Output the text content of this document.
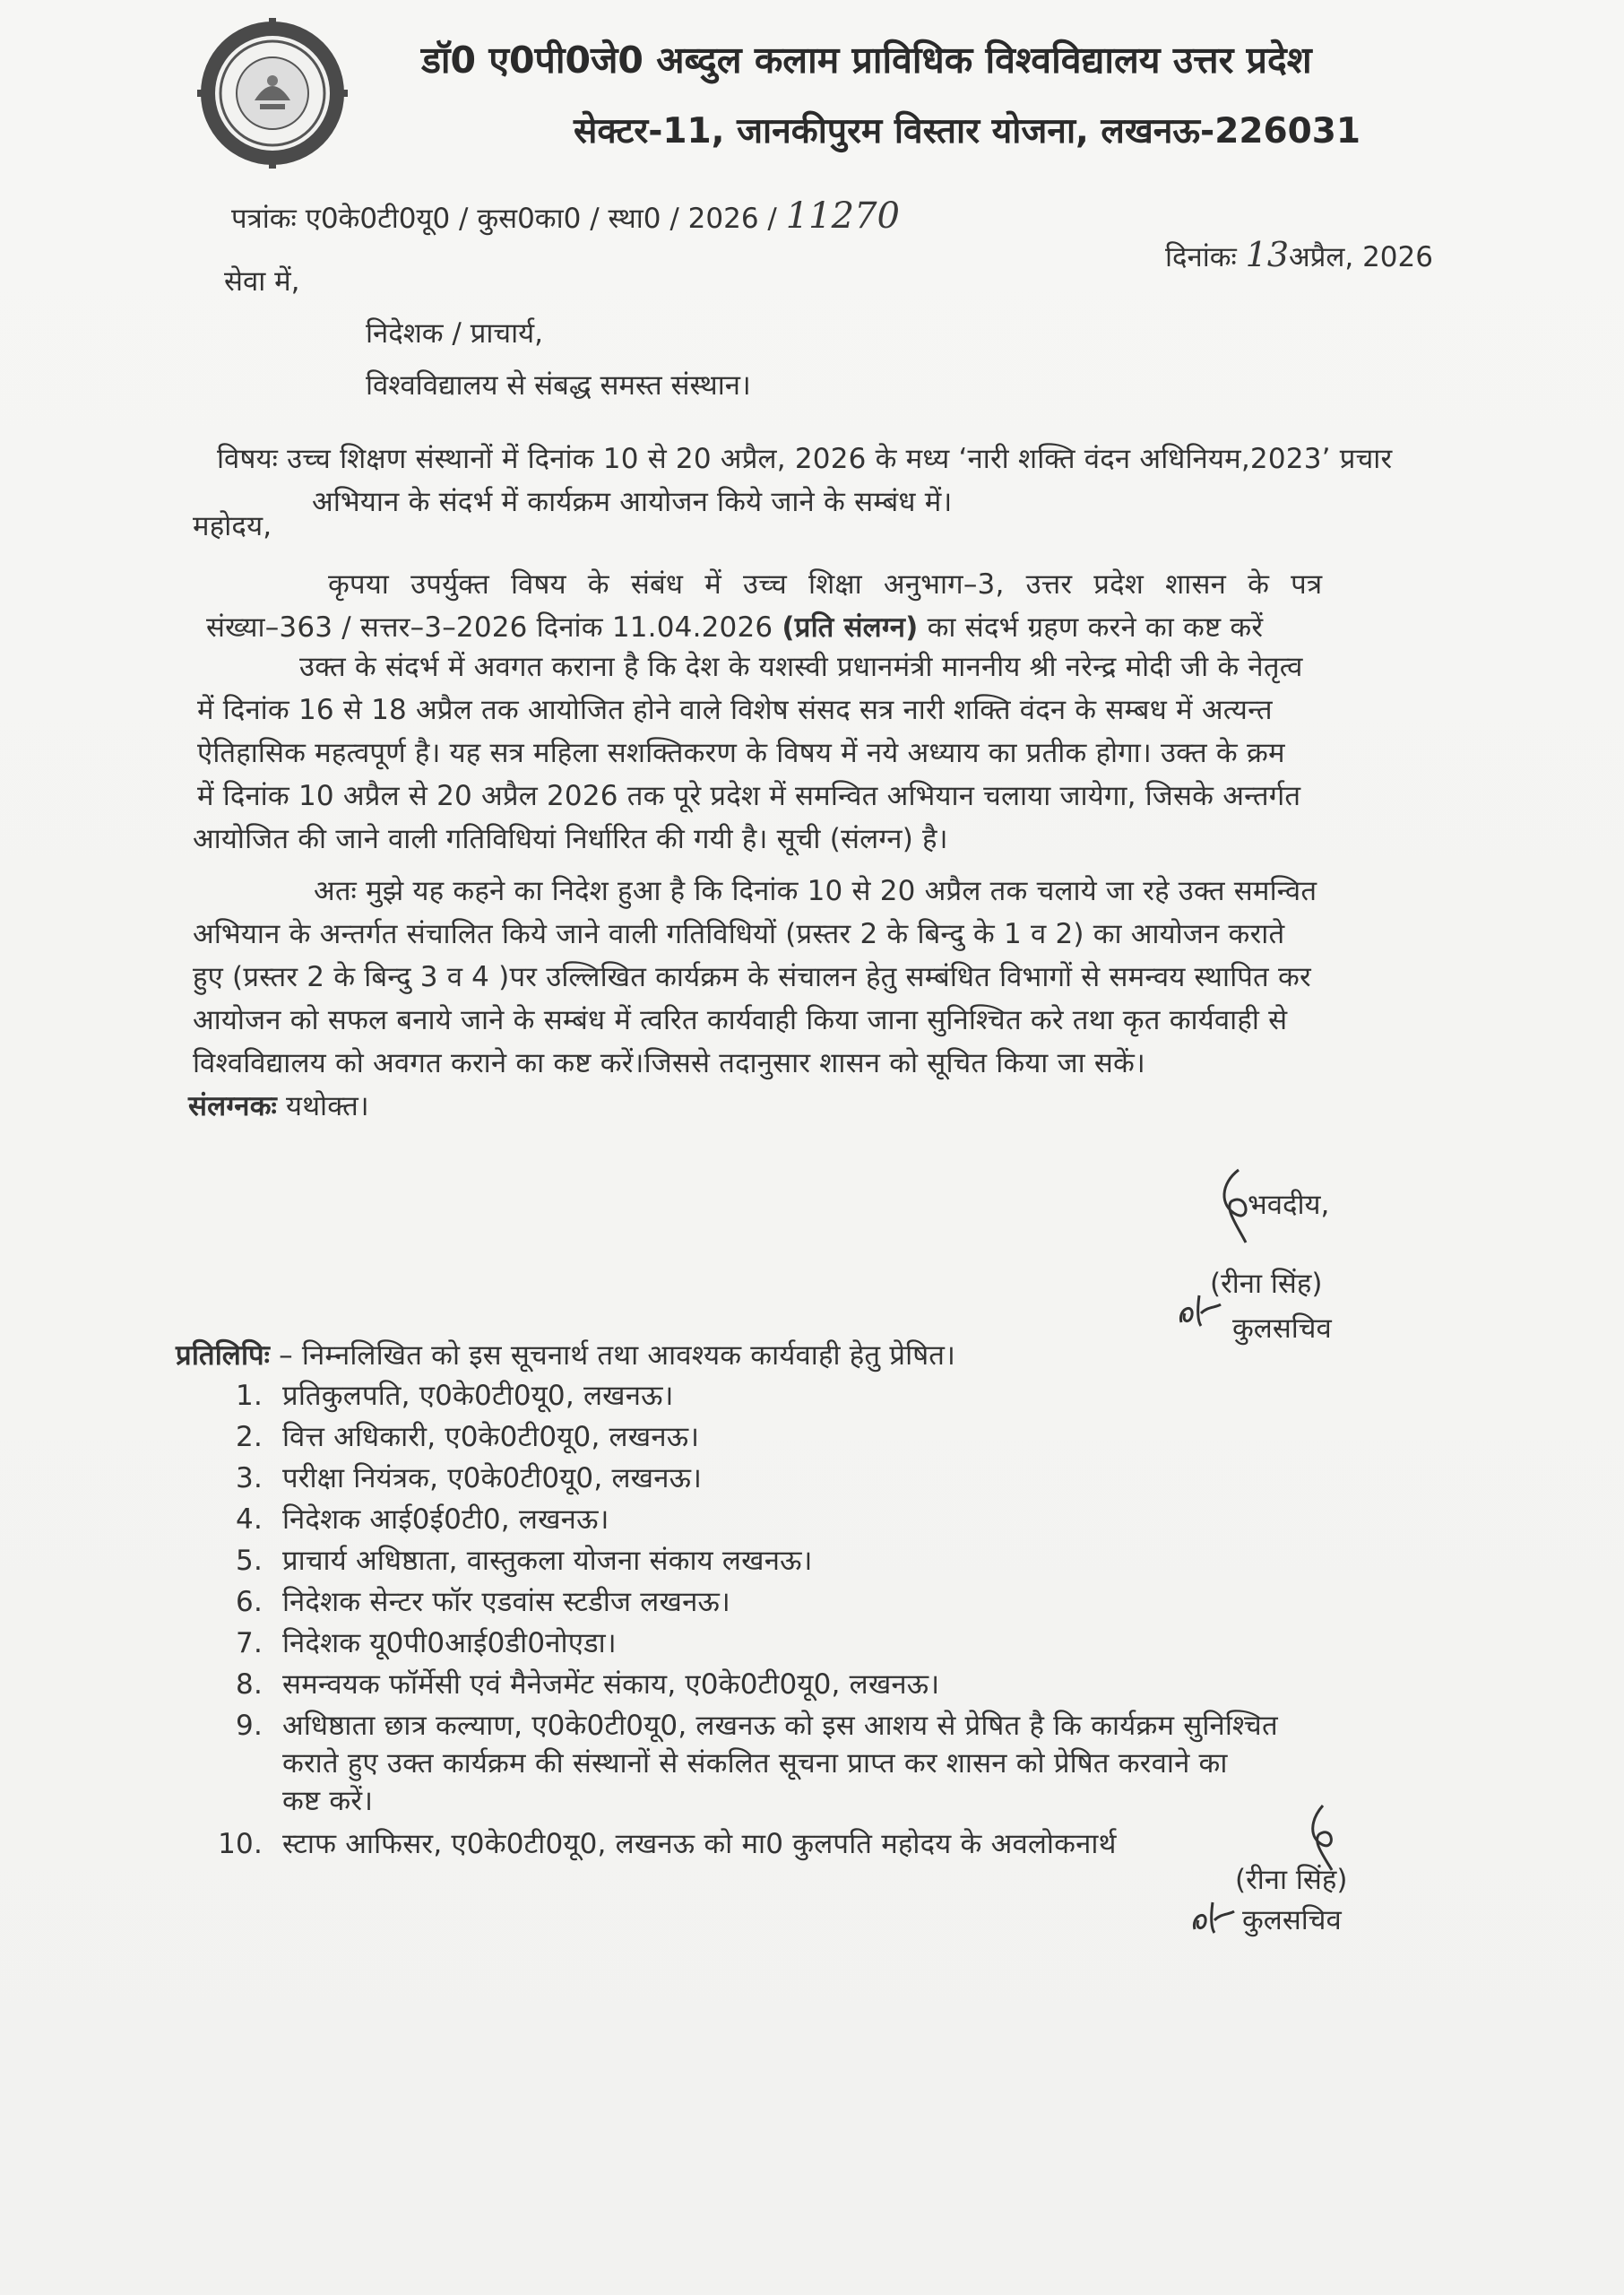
डॉ0 ए0पी0जे0 अब्दुल कलाम प्राविधिक विश्वविद्यालय उत्तर प्रदेश
सेक्टर-11, जानकीपुरम विस्तार योजना, लखनऊ-226031
पत्रांकः ए0के0टी0यू0 / कुस0का0 / स्था0 / 2026 / 11270
दिनांकः 13अप्रैल, 2026
सेवा में,
निदेशक / प्राचार्य,
विश्वविद्यालय से संबद्ध समस्त संस्थान।
विषयः उच्च शिक्षण संस्थानों में दिनांक 10 से 20 अप्रैल, 2026 के मध्य ‘नारी शक्ति वंदन अधिनियम,2023’ प्रचार
अभियान के संदर्भ में कार्यक्रम आयोजन किये जाने के सम्बंध में।
महोदय,
कृपया उपर्युक्त विषय के संबंध में उच्च शिक्षा अनुभाग–3, उत्तर प्रदेश शासन के पत्र
संख्या–363 / सत्तर–3–2026 दिनांक 11.04.2026 (प्रति संलग्न) का संदर्भ ग्रहण करने का कष्ट करें
उक्त के संदर्भ में अवगत कराना है कि देश के यशस्वी प्रधानमंत्री माननीय श्री नरेन्द्र मोदी जी के नेतृत्व
में दिनांक 16 से 18 अप्रैल तक आयोजित होने वाले विशेष संसद सत्र नारी शक्ति वंदन के सम्बध में अत्यन्त
ऐतिहासिक महत्वपूर्ण है। यह सत्र महिला सशक्तिकरण के विषय में नये अध्याय का प्रतीक होगा। उक्त के क्रम
में दिनांक 10 अप्रैल से 20 अप्रैल 2026 तक पूरे प्रदेश में समन्वित अभियान चलाया जायेगा, जिसके अन्तर्गत
आयोजित की जाने वाली गतिविधियां निर्धारित की गयी है। सूची (संलग्न) है।
अतः मुझे यह कहने का निदेश हुआ है कि दिनांक 10 से 20 अप्रैल तक चलाये जा रहे उक्त समन्वित
अभियान के अन्तर्गत संचालित किये जाने वाली गतिविधियों (प्रस्तर 2 के बिन्दु के 1 व 2) का आयोजन कराते
हुए (प्रस्तर 2 के बिन्दु 3 व 4 )पर उल्लिखित कार्यक्रम के संचालन हेतु सम्बंधित विभागों से समन्वय स्थापित कर
आयोजन को सफल बनाये जाने के सम्बंध में त्वरित कार्यवाही किया जाना सुनिश्चित करे तथा कृत कार्यवाही से
विश्वविद्यालय को अवगत कराने का कष्ट करें।जिससे तदानुसार शासन को सूचित किया जा सकें।
संलग्नकः यथोक्त।
भवदीय,
(रीना सिंह)
कुलसचिव
प्रतिलिपिः – निम्नलिखित को इस सूचनार्थ तथा आवश्यक कार्यवाही हेतु प्रेषित।
1. प्रतिकुलपति, ए0के0टी0यू0, लखनऊ।
2. वित्त अधिकारी, ए0के0टी0यू0, लखनऊ।
3. परीक्षा नियंत्रक, ए0के0टी0यू0, लखनऊ।
4. निदेशक आई0ई0टी0, लखनऊ।
5. प्राचार्य अधिष्ठाता, वास्तुकला योजना संकाय लखनऊ।
6. निदेशक सेन्टर फॉर एडवांस स्टडीज लखनऊ।
7. निदेशक यू0पी0आई0डी0नोएडा।
8. समन्वयक फॉर्मेसी एवं मैनेजमेंट संकाय, ए0के0टी0यू0, लखनऊ।
9. अधिष्ठाता छात्र कल्याण, ए0के0टी0यू0, लखनऊ को इस आशय से प्रेषित है कि कार्यक्रम सुनिश्चित
कराते हुए उक्त कार्यक्रम की संस्थानों से संकलित सूचना प्राप्त कर शासन को प्रेषित करवाने का
कष्ट करें।
10. स्टाफ आफिसर, ए0के0टी0यू0, लखनऊ को मा0 कुलपति महोदय के अवलोकनार्थ
(रीना सिंह)
कुलसचिव
